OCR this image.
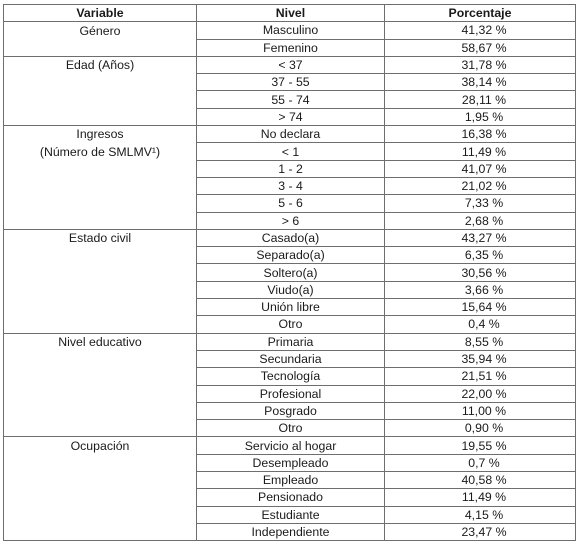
Variable	Nivel	Porcentaje
Género	Masculino	41,32 %
	Femenino	58,67 %
Edad (Años)	< 37	31,78 %
	37 - 55	38,14 %
	55 - 74	28,11 %
	> 74	1,95 %
Ingresos	No declara	16,38 %
(Número de SMLMV¹)	< 1	11,49 %
	1 - 2	41,07 %
	3 - 4	21,02 %
	5 - 6	7,33 %
	> 6	2,68 %
Estado civil	Casado(a)	43,27 %
	Separado(a)	6,35 %
	Soltero(a)	30,56 %
	Viudo(a)	3,66 %
	Unión libre	15,64 %
	Otro	0,4 %
Nivel educativo	Primaria	8,55 %
	Secundaria	35,94 %
	Tecnología	21,51 %
	Profesional	22,00 %
	Posgrado	11,00 %
	Otro	0,90 %
Ocupación	Servicio al hogar	19,55 %
	Desempleado	0,7 %
	Empleado	40,58 %
	Pensionado	11,49 %
	Estudiante	4,15 %
	Independiente	23,47 %
